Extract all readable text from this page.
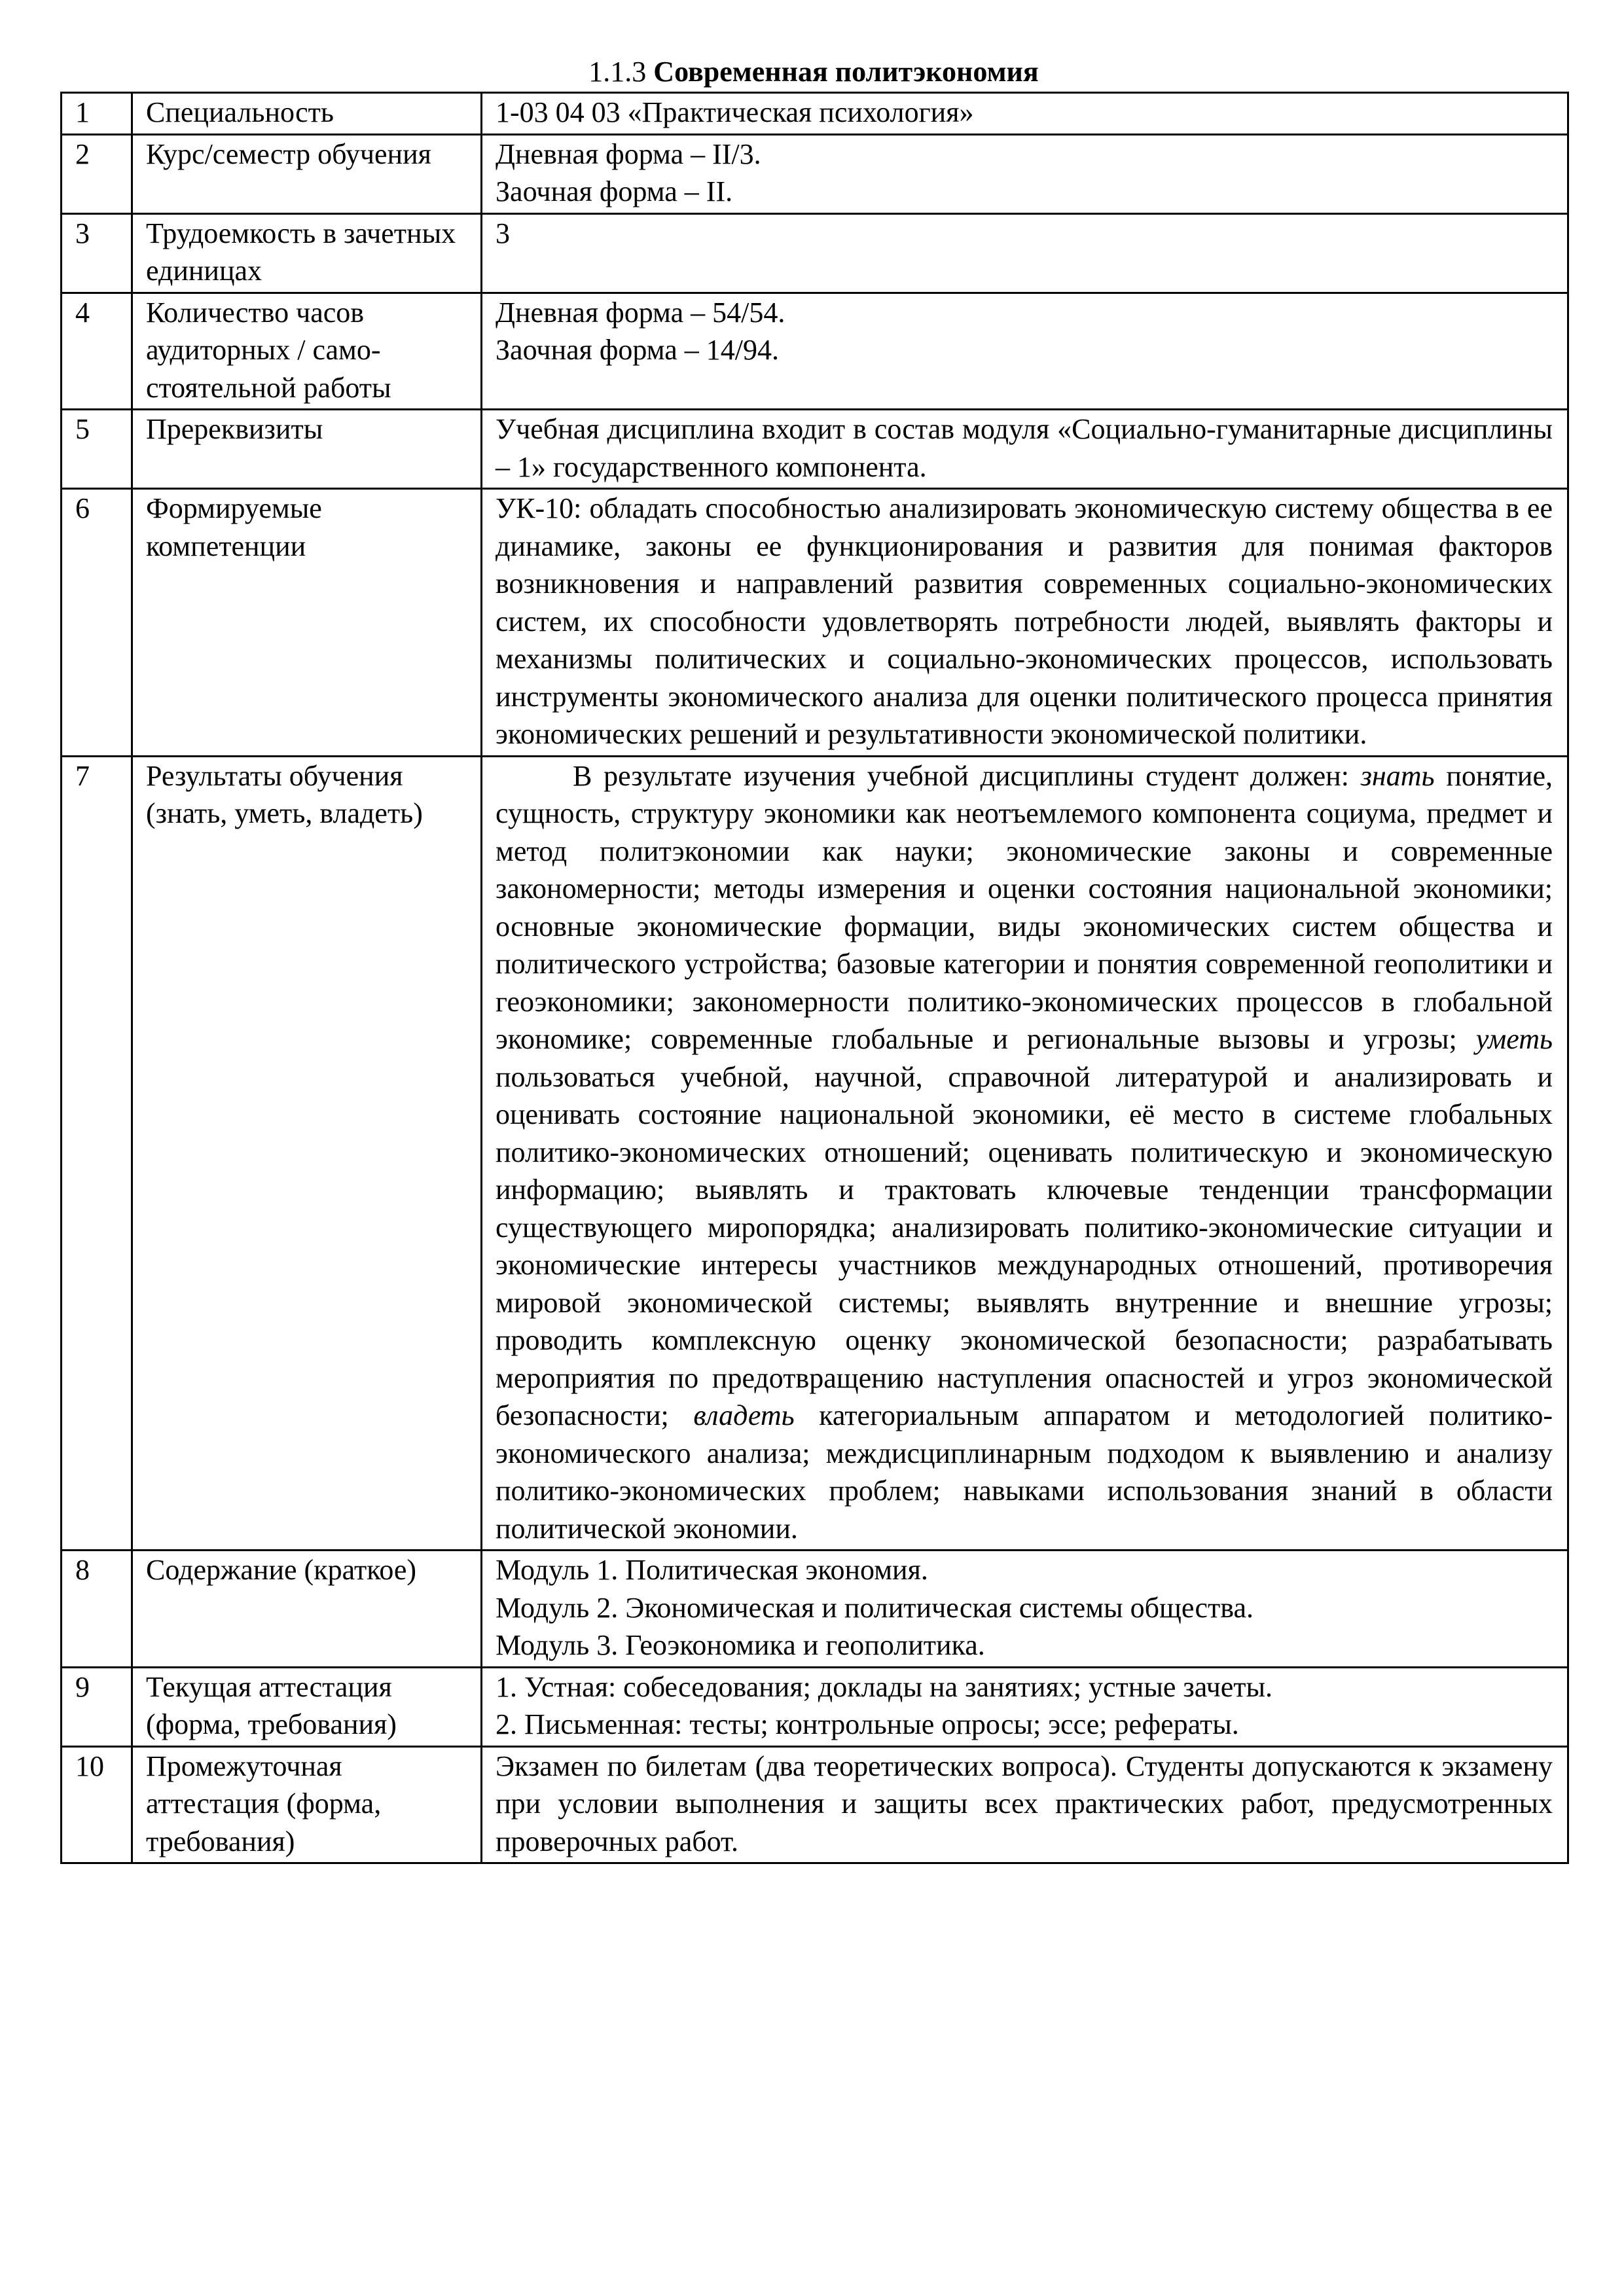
1.1.3 Современная политэкономия
1	Специальность	1-03 04 03 «Практическая психология»

2	Курс/семестр обучения	Дневная форма – II/3.
Заочная форма – II.

3	Трудоемкость в зачетных единицах	3

4	Количество часов аудиторных / само-стоятельной работы	Дневная форма – 54/54.
Заочная форма – 14/94.

5	Пререквизиты	Учебная дисциплина входит в состав модуля «Социально-гуманитарные дисциплины – 1» государственного компонента.

6	Формируемые компетенции	УК-10: обладать способностью анализировать экономическую систему общества в ее динамике, законы ее функционирования и развития для понимая факторов возникновения и направлений развития современных социально-экономических систем, их способности удовлетворять потребности людей, выявлять факторы и механизмы политических и социально-экономических процессов, использовать инструменты экономического анализа для оценки политического процесса принятия экономических решений и результативности экономической политики.

7	Результаты обучения (знать, уметь, владеть)	В результате изучения учебной дисциплины студент должен: знать понятие, сущность, структуру экономики как неотъемлемого компонента социума, предмет и метод политэкономии как науки; экономические законы и современные закономерности; методы измерения и оценки состояния национальной экономики; основные экономические формации, виды экономических систем общества и политического устройства; базовые категории и понятия современной геополитики и геоэкономики; закономерности политико-экономических процессов в глобальной экономике; современные глобальные и региональные вызовы и угрозы; уметь пользоваться учебной, научной, справочной литературой и анализировать и оценивать состояние национальной экономики, её место в системе глобальных политико-экономических отношений; оценивать политическую и экономическую информацию; выявлять и трактовать ключевые тенденции трансформации существующего миропорядка; анализировать политико-экономические ситуации и экономические интересы участников международных отношений, противоречия мировой экономической системы; выявлять внутренние и внешние угрозы; проводить комплексную оценку экономической безопасности; разрабатывать мероприятия по предотвращению наступления опасностей и угроз экономической безопасности; владеть категориальным аппаратом и методологией политико-экономического анализа; междисциплинарным подходом к выявлению и анализу политико-экономических проблем; навыками использования знаний в области политической экономии.

8	Содержание (краткое)	Модуль 1. Политическая экономия.
Модуль 2. Экономическая и политическая системы общества.
Модуль 3. Геоэкономика и геополитика.

9	Текущая аттестация (форма, требования)	1. Устная: собеседования; доклады на занятиях; устные зачеты.
2. Письменная: тесты; контрольные опросы; эссе; рефераты.

10	Промежуточная аттестация (форма, требования)	Экзамен по билетам (два теоретических вопроса). Студенты допускаются к экзамену при условии выполнения и защиты всех практических работ, предусмотренных проверочных работ.
